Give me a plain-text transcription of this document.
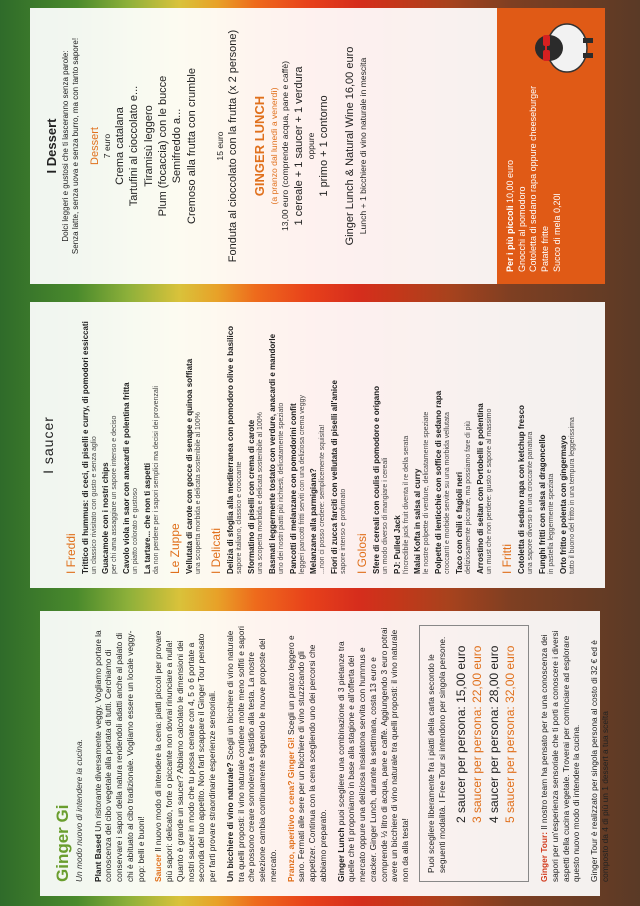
Ginger Gi Un modo nuovo di intendere la cucina. Plant Based Un ristorante diversamente veggy. Vogliamo portare la conoscenza del cibo vegetale alla portata di tutti. Cerchiamo di conservare i sapori della natura rendendoli adatti anche al palato di chi è abituato al cibo tradizionale. Vogliamo essere un locale veggy-pop: belli e buoni! Saucer Il nuovo modo di intendere la cena: piatti piccoli per provare più sapori: delicato, forte o piccante non dovrai rinunciare a nulla! Quanto è grande un saucer? Abbiamo calcolato le dimensioni dei nostri saucer in modo che tu possa cenare con 4, 5 o 6 portate a seconda del tuo appetito. Non farti scappare il Ginger Tour pensato per farti provare straordinarie esperienze sensoriali. Un bicchiere di vino naturale? Scegli un bicchiere di vino naturale tra quelli proposti: il vino naturale contiene molte meno solfiti e sapori che possono creare sonnolenza e fastidio alla testa. La nostre selezione cambia continuamente seguendo le nuove proposte del mercato. Pranzo, aperitivo o cena? Ginger Gi! Scegli un pranzo leggero e sano. Fermati alle sere per un bicchiere di vino stuzzicando gli appetizer. Continua con la cena scegliendo uno dei percorsi che abbiamo preparato. Ginger Lunch puoi scegliere una combinazione di 3 pietanze tra quelle che ti proponiamo in base alla stagione e all'offerta del mercato oppure una deliziosa insalatona servita con hummus e cracker. Ginger Lunch, durante la settimana, costa 13 euro e comprende ½ litro di acqua, pane e caffè. Aggiungendo 3 euro potrai avere un bicchiere di vino naturale tra quelli proposti: il vino naturale non da alla testa! Puoi scegliere liberamente fra i piatti della carta secondo le seguenti modalità. I Free Tour si intendono per singola persone. 2 saucer per persona: 15,00 euro 3 saucer per persona: 22,00 euro 4 saucer per persona: 28,00 euro 5 saucer per persona: 32,00 euro

Ginger Tour: Il nostro team ha pensato per te una conoscenza dei sapori per un'esperienza sensoriale che ti porti a conoscere i diversi aspetti della cucina vegetale. Troverai per cominciare ad esplorare questo nuovo modo di intendere la cucina. Ginger Tour è realizzato per singola persona al costo di 32 € ed è composto da 4 di più un 1 dessert a tua scelta

I saucer
I Freddi Trittico di hummus: di ceci, di piselli e curry, di pomodori essiccati un classico rivisitato con gusto e senza aglio Guacamole con i nostri chips per chi ama assaggiare un sapore intenso e deciso Cavolo viola in saor con anacardi e polentina fritta un piatto colorato e gustoso La tartare... che non ti aspetti da non perdere per i sapori semplici ma decisi dei provenzali Le Zuppe Vellutata di carote con gocce di senape e quinoa soffiata una scoperta morbida e delicata sostenibile al 100% I Delicati Delizia di sfoglia alla mediterranea con pomodoro olive e basilico sapore italiano, classico e croccante Sformatino di piselli con crema di carote una scoperta morbida e delicata sostenibile al 100% Basmati leggermente tostato con verdure, anacardi e mandorle uno dei nostri piatti più richiesti, delicatamente speziato Pancotti di melanzane con pomodorini confit leggeri pancotti fritti serviti con una deliziosa crema veggy Melanzane alla parmigiana? ...non ci posso credere: semplicemente squisita! Fiori di zucca farciti con vellutata di piselli all'anice sapore intenso e profumato I Golosi Sfere di cereali con coulis di pomodoro e origano un modo diverso di mangiare i cereali PJ: Pulled Jack l'incredibile jack fruit diventa il re della serata Malai Kofta in salsa al curry le nostre polpette di verdure, delicatamente speziate Polpette di lenticchie con soffice di sedano rapa croccanti e morbide servite su una morbida vellutata Taco con chili e fagioli neri deliziosamente piccante, ma possiamo fare di più Arrostino di seitan con Portobelli e polentina un must che non perdere: gusto e sapore al massimo I Fritti Cotoletta di sedano rapa con ketchup fresco una sapore diverso in una croccante panatura Funghi fritti con salsa al dragoncello in pastella leggermente speziata Orto fritto e polenta con gingermayo tutto il buono del fritto in una tempura leggerissima
I Dessert Dolci leggeri e gustosi che ti lasceranno senza parole: Senza latte, senza uova e senza burro, ma con tanto sapore! Dessert 7 euro Crema catalana Tartufini al cioccolato e... Tiramisù leggero Plum (focaccia) con le bucce Semifreddo a... Cremoso alla frutta con crumble 15 euro Fonduta al cioccolato con la frutta (x 2 persone) GINGER LUNCH (a pranzo dal lunedì a venerdì) 13,00 euro (comprende acqua, pane e caffè) 1 cereale + 1 saucer + 1 verdura oppure 1 primo + 1 contorno Ginger Lunch & Natural Wine 16,00 euro Lunch + 1 bicchiere di vino naturale in mescita
Per i più piccoli 10,00 euro
Gnocchi al pomodoro Cotoletta di sedano rapa oppure cheeseburger Patate fritte Succo di mela 0,20l
